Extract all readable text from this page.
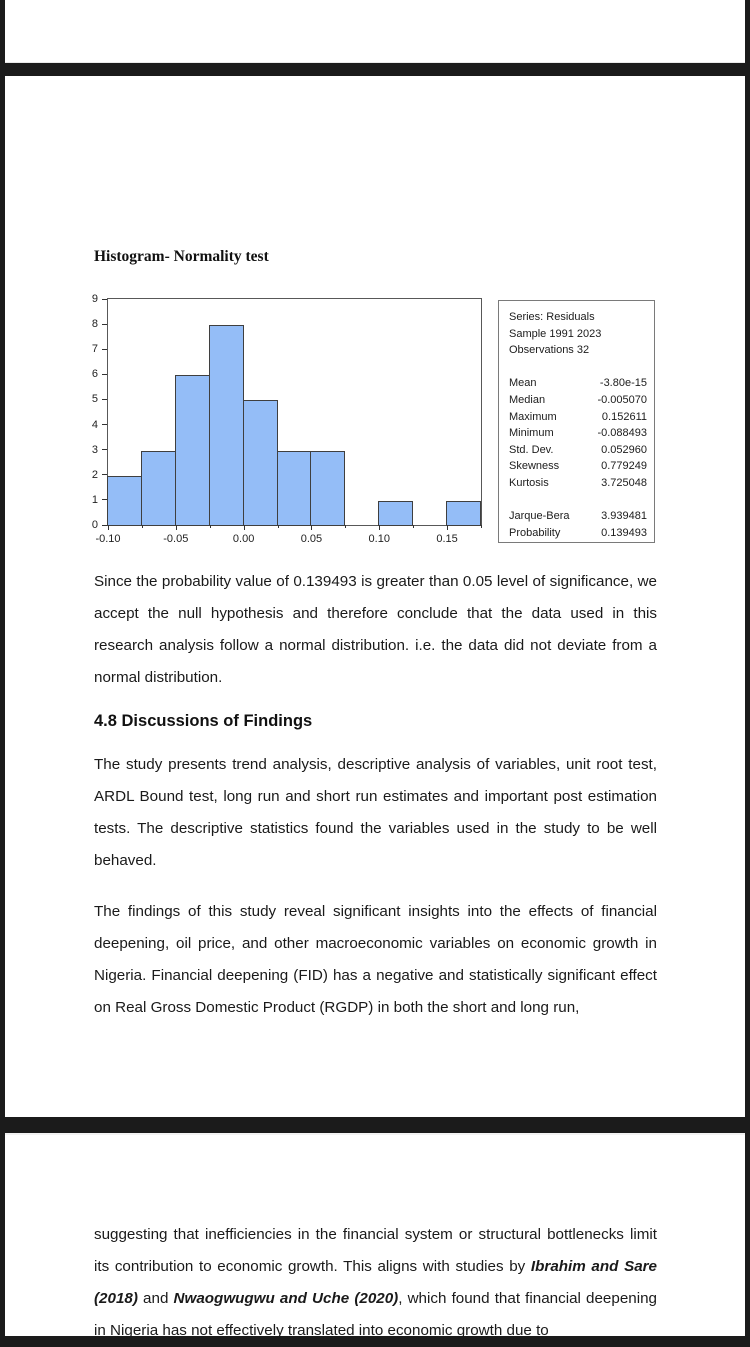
Histogram- Normality test
0
1
2
3
4
5
6
7
8
9
-0.10	-0.05	0.00	0.05	0.10	0.15
Series: Residuals
Sample 1991 2023
Observations 32
Mean	-3.80e-15
Median	-0.005070
Maximum	0.152611
Minimum	-0.088493
Std. Dev.	0.052960
Skewness	0.779249
Kurtosis	3.725048
Jarque-Bera	3.939481
Probability	0.139493
Since the probability value of 0.139493 is greater than 0.05 level of significance, we accept the null hypothesis and therefore conclude that the data used in this research analysis follow a normal distribution. i.e. the data did not deviate from a normal distribution.
4.8 Discussions of Findings
The study presents trend analysis, descriptive analysis of variables, unit root test, ARDL Bound test, long run and short run estimates and important post estimation tests. The descriptive statistics found the variables used in the study to be well behaved.
The findings of this study reveal significant insights into the effects of financial deepening, oil price, and other macroeconomic variables on economic growth in Nigeria. Financial deepening (FID) has a negative and statistically significant effect on Real Gross Domestic Product (RGDP) in both the short and long run,
suggesting that inefficiencies in the financial system or structural bottlenecks limit its contribution to economic growth. This aligns with studies by Ibrahim and Sare (2018) and Nwaogwugwu and Uche (2020), which found that financial deepening in Nigeria has not effectively translated into economic growth due to
